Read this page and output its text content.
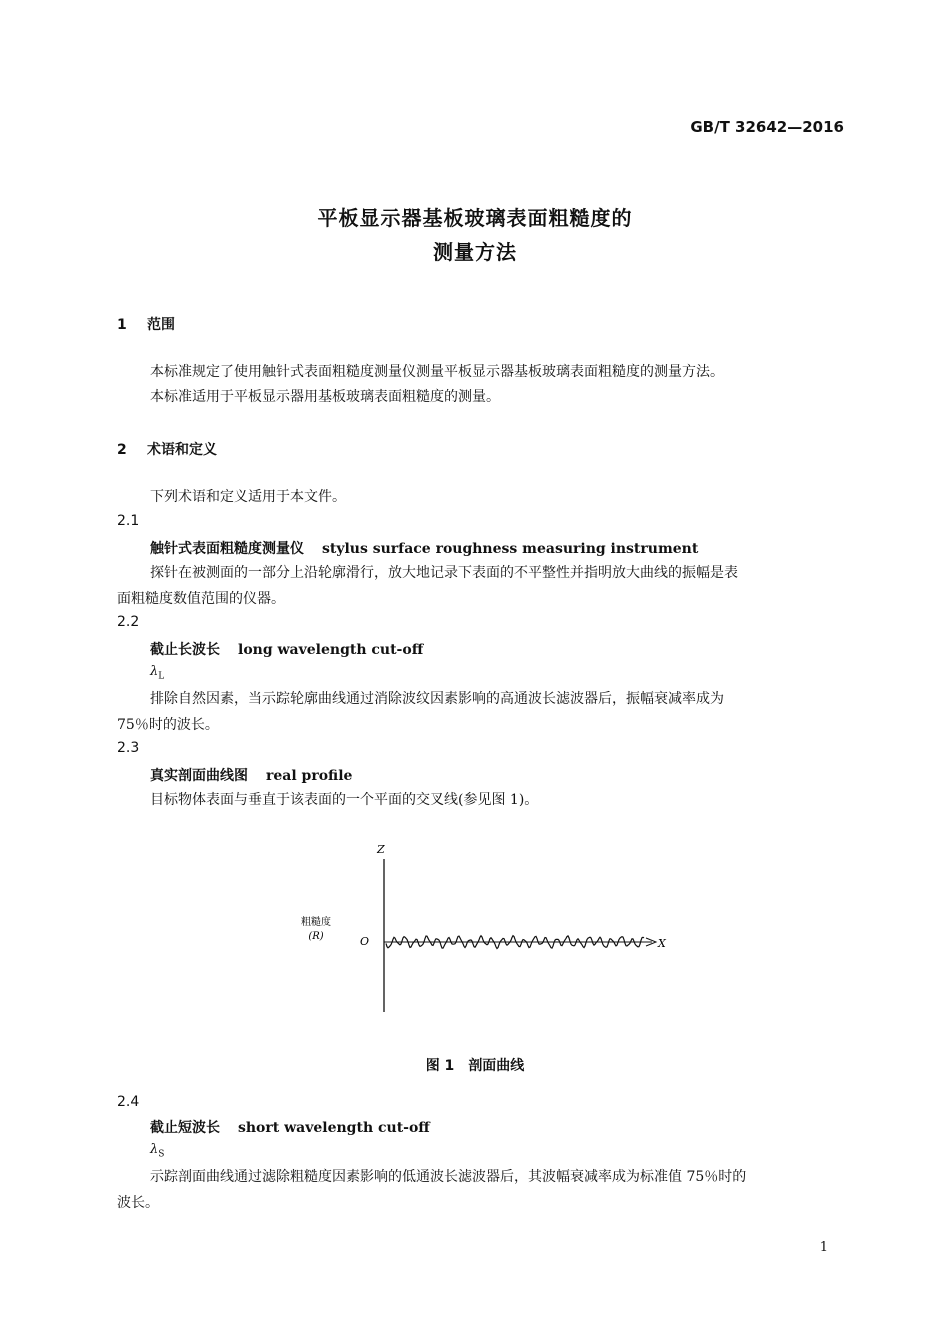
GB/T 32642—2016
平板显示器基板玻璃表面粗糙度的
测量方法
1 范围
本标准规定了使用触针式表面粗糙度测量仪测量平板显示器基板玻璃表面粗糙度的测量方法。
本标准适用于平板显示器用基板玻璃表面粗糙度的测量。
2 术语和定义
下列术语和定义适用于本文件。
2.1
触针式表面粗糙度测量仪 stylus surface roughness measuring instrument
探针在被测面的一部分上沿轮廓滑行，放大地记录下表面的不平整性并指明放大曲线的振幅是表
面粗糙度数值范围的仪器。
2.2
截止长波长 long wavelength cut-off
$\lambda_L$
排除自然因素，当示踪轮廓曲线通过消除波纹因素影响的高通波长滤波器后，振幅衰减率成为
75％时的波长。
2.3
真实剖面曲线图 real profile
目标物体表面与垂直于该表面的一个平面的交叉线(参见图 1)。
Z
X
O
粗糙度
(R)
图 1 剖面曲线
2.4
截止短波长 short wavelength cut-off
$\lambda_S$
示踪剖面曲线通过滤除粗糙度因素影响的低通波长滤波器后，其波幅衰减率成为标准值 75％时的
波长。
1
